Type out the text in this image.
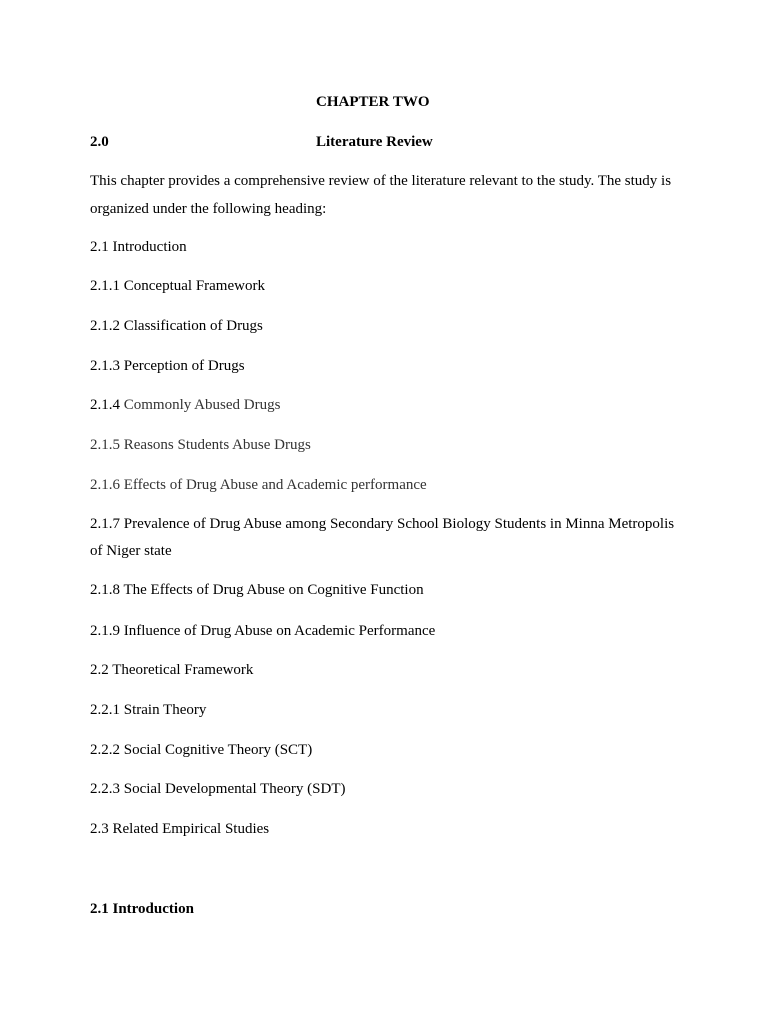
CHAPTER TWO
2.0	Literature Review
This chapter provides a comprehensive review of the literature relevant to the study. The study is organized under the following heading:
2.1 Introduction
2.1.1 Conceptual Framework
2.1.2 Classification of Drugs
2.1.3 Perception of Drugs
2.1.4 Commonly Abused Drugs
2.1.5 Reasons Students Abuse Drugs
2.1.6 Effects of Drug Abuse and Academic performance
2.1.7 Prevalence of Drug Abuse among Secondary School Biology Students in Minna Metropolis of Niger state
2.1.8 The Effects of Drug Abuse on Cognitive Function
2.1.9 Influence of Drug Abuse on Academic Performance
2.2 Theoretical Framework
2.2.1 Strain Theory
2.2.2 Social Cognitive Theory (SCT)
2.2.3 Social Developmental Theory (SDT)
2.3 Related Empirical Studies
2.1 Introduction
